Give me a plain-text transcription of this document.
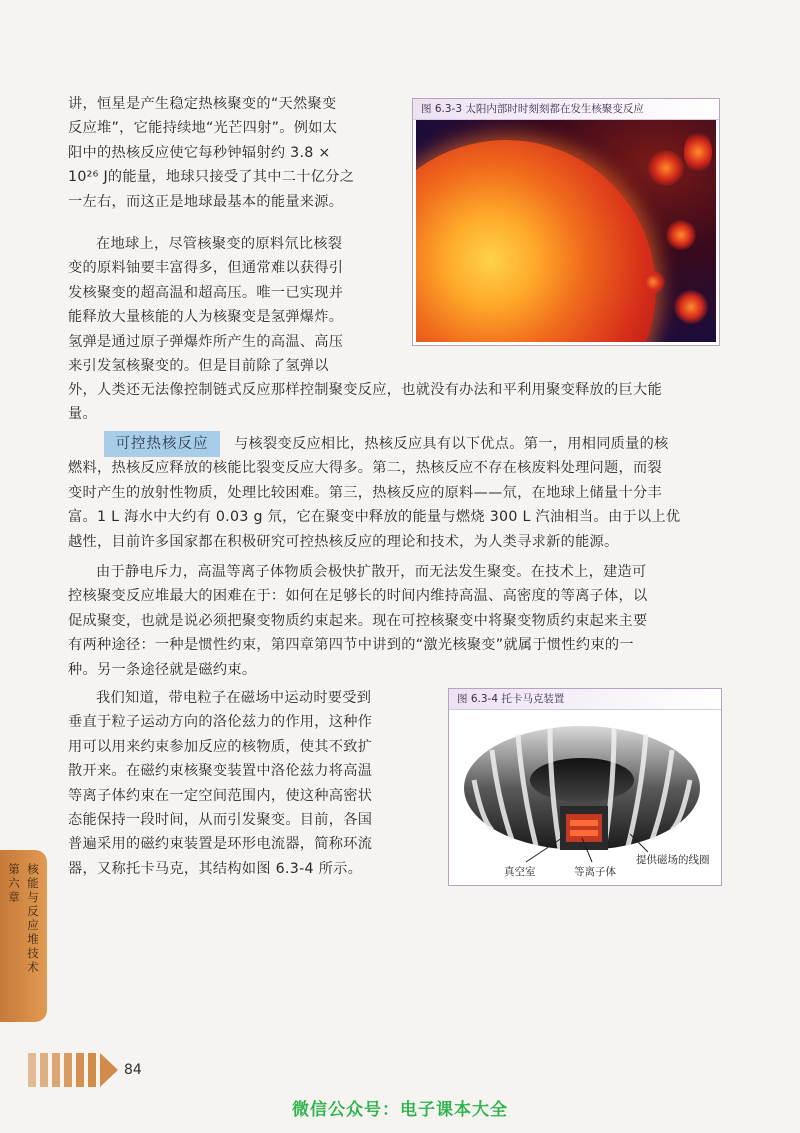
讲，恒星是产生稳定热核聚变的“天然聚变
反应堆”，它能持续地“光芒四射”。例如太
阳中的热核反应使它每秒钟辐射约 3.8 ×
10²⁶ J的能量，地球只接受了其中二十亿分之
一左右，而这正是地球最基本的能量来源。

在地球上，尽管核聚变的原料氘比核裂
变的原料铀要丰富得多，但通常难以获得引
发核聚变的超高温和超高压。唯一已实现并
能释放大量核能的人为核聚变是氢弹爆炸。
氢弹是通过原子弹爆炸所产生的高温、高压
来引发氢核聚变的。但是目前除了氢弹以

外，人类还无法像控制链式反应那样控制聚变反应，也就没有办法和平利用聚变释放的巨大能
量。

图 6.3-3 太阳内部时时刻刻都在发生核聚变反应
可控热核反应	与核裂变反应相比，热核反应具有以下优点。第一，用相同质量的核
燃料，热核反应释放的核能比裂变反应大得多。第二，热核反应不存在核废料处理问题，而裂
变时产生的放射性物质，处理比较困难。第三，热核反应的原料——氘，在地球上储量十分丰
富。1 L 海水中大约有 0.03 g 氘，它在聚变中释放的能量与燃烧 300 L 汽油相当。由于以上优
越性，目前许多国家都在积极研究可控热核反应的理论和技术，为人类寻求新的能源。

由于静电斥力，高温等离子体物质会极快扩散开，而无法发生聚变。在技术上，建造可
控核聚变反应堆最大的困难在于：如何在足够长的时间内维持高温、高密度的等离子体，以
促成聚变，也就是说必须把聚变物质约束起来。现在可控核聚变中将聚变物质约束起来主要
有两种途径：一种是惯性约束，第四章第四节中讲到的“激光核聚变”就属于惯性约束的一
种。另一条途径就是磁约束。

我们知道，带电粒子在磁场中运动时要受到
垂直于粒子运动方向的洛伦兹力的作用，这种作
用可以用来约束参加反应的核物质，使其不致扩
散开来。在磁约束核聚变装置中洛伦兹力将高温
等离子体约束在一定空间范围内，使这种高密状
态能保持一段时间，从而引发聚变。目前，各国
普遍采用的磁约束装置是环形电流器，简称环流
器，又称托卡马克，其结构如图 6.3-4 所示。

图 6.3-4 托卡马克装置
真空室	等离子体
提供磁场的线圈
第六章
核能与反应堆技术
84
微信公众号：电子课本大全
